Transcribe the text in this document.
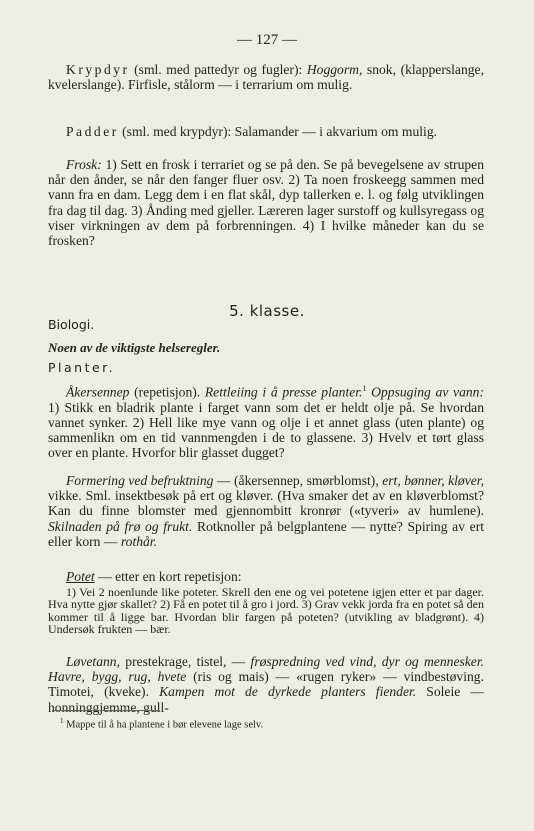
— 127 —
Krypdyr (sml. med pattedyr og fugler): Hoggorm, snok, (klapperslange, kvelerslange). Firfisle, stålorm — i terrarium om mulig.
Padder (sml. med krypdyr): Salamander — i akvarium om mulig.
Frosk: 1) Sett en frosk i terrariet og se på den. Se på bevegelsene av strupen når den ånder, se når den fanger fluer osv. 2) Ta noen froskeegg sammen med vann fra en dam. Legg dem i en flat skål, dyp tallerken e. l. og følg utviklingen fra dag til dag. 3) Ånding med gjeller. Læreren lager surstoff og kullsyregass og viser virkningen av dem på forbrenningen. 4) I hvilke måneder kan du se frosken?
5. klasse.
Biologi.
Noen av de viktigste helseregler.
Planter.
Åkersennep (repetisjon). Rettleiing i å presse planter.$^1$ Oppsuging av vann: 1) Stikk en bladrik plante i farget vann som det er heldt olje på. Se hvordan vannet synker. 2) Hell like mye vann og olje i et annet glass (uten plante) og sammenlikn om en tid vannmengden i de to glassene. 3) Hvelv et tørt glass over en plante. Hvorfor blir glasset dugget?
Formering ved befruktning — (åkersennep, smørblomst), ert, bønner, kløver, vikke. Sml. insektbesøk på ert og kløver. (Hva smaker det av en kløverblomst? Kan du finne blomster med gjennombitt kronrør («tyveri» av humlene). Skilnaden på frø og frukt. Rotknoller på belgplantene — nytte? Spiring av ert eller korn — rothår.
Potet — etter en kort repetisjon:
1) Vei 2 noenlunde like poteter. Skrell den ene og vei potetene igjen etter et par dager. Hva nytte gjør skallet? 2) Få en potet til å gro i jord. 3) Grav vekk jorda fra en potet så den kommer til å ligge bar. Hvordan blir fargen på poteten? (utvikling av bladgrønt). 4) Undersøk frukten — bær.
Løvetann, prestekrage, tistel, — frøspredning ved vind, dyr og mennesker. Havre, bygg, rug, hvete (ris og mais) — «rugen ryker» — vindbestøving. Timotei, (kveke). Kampen mot de dyrkede planters fiender. Soleie — honninggjemme, gull-
$^1$ Mappe til å ha plantene i bør elevene lage selv.
